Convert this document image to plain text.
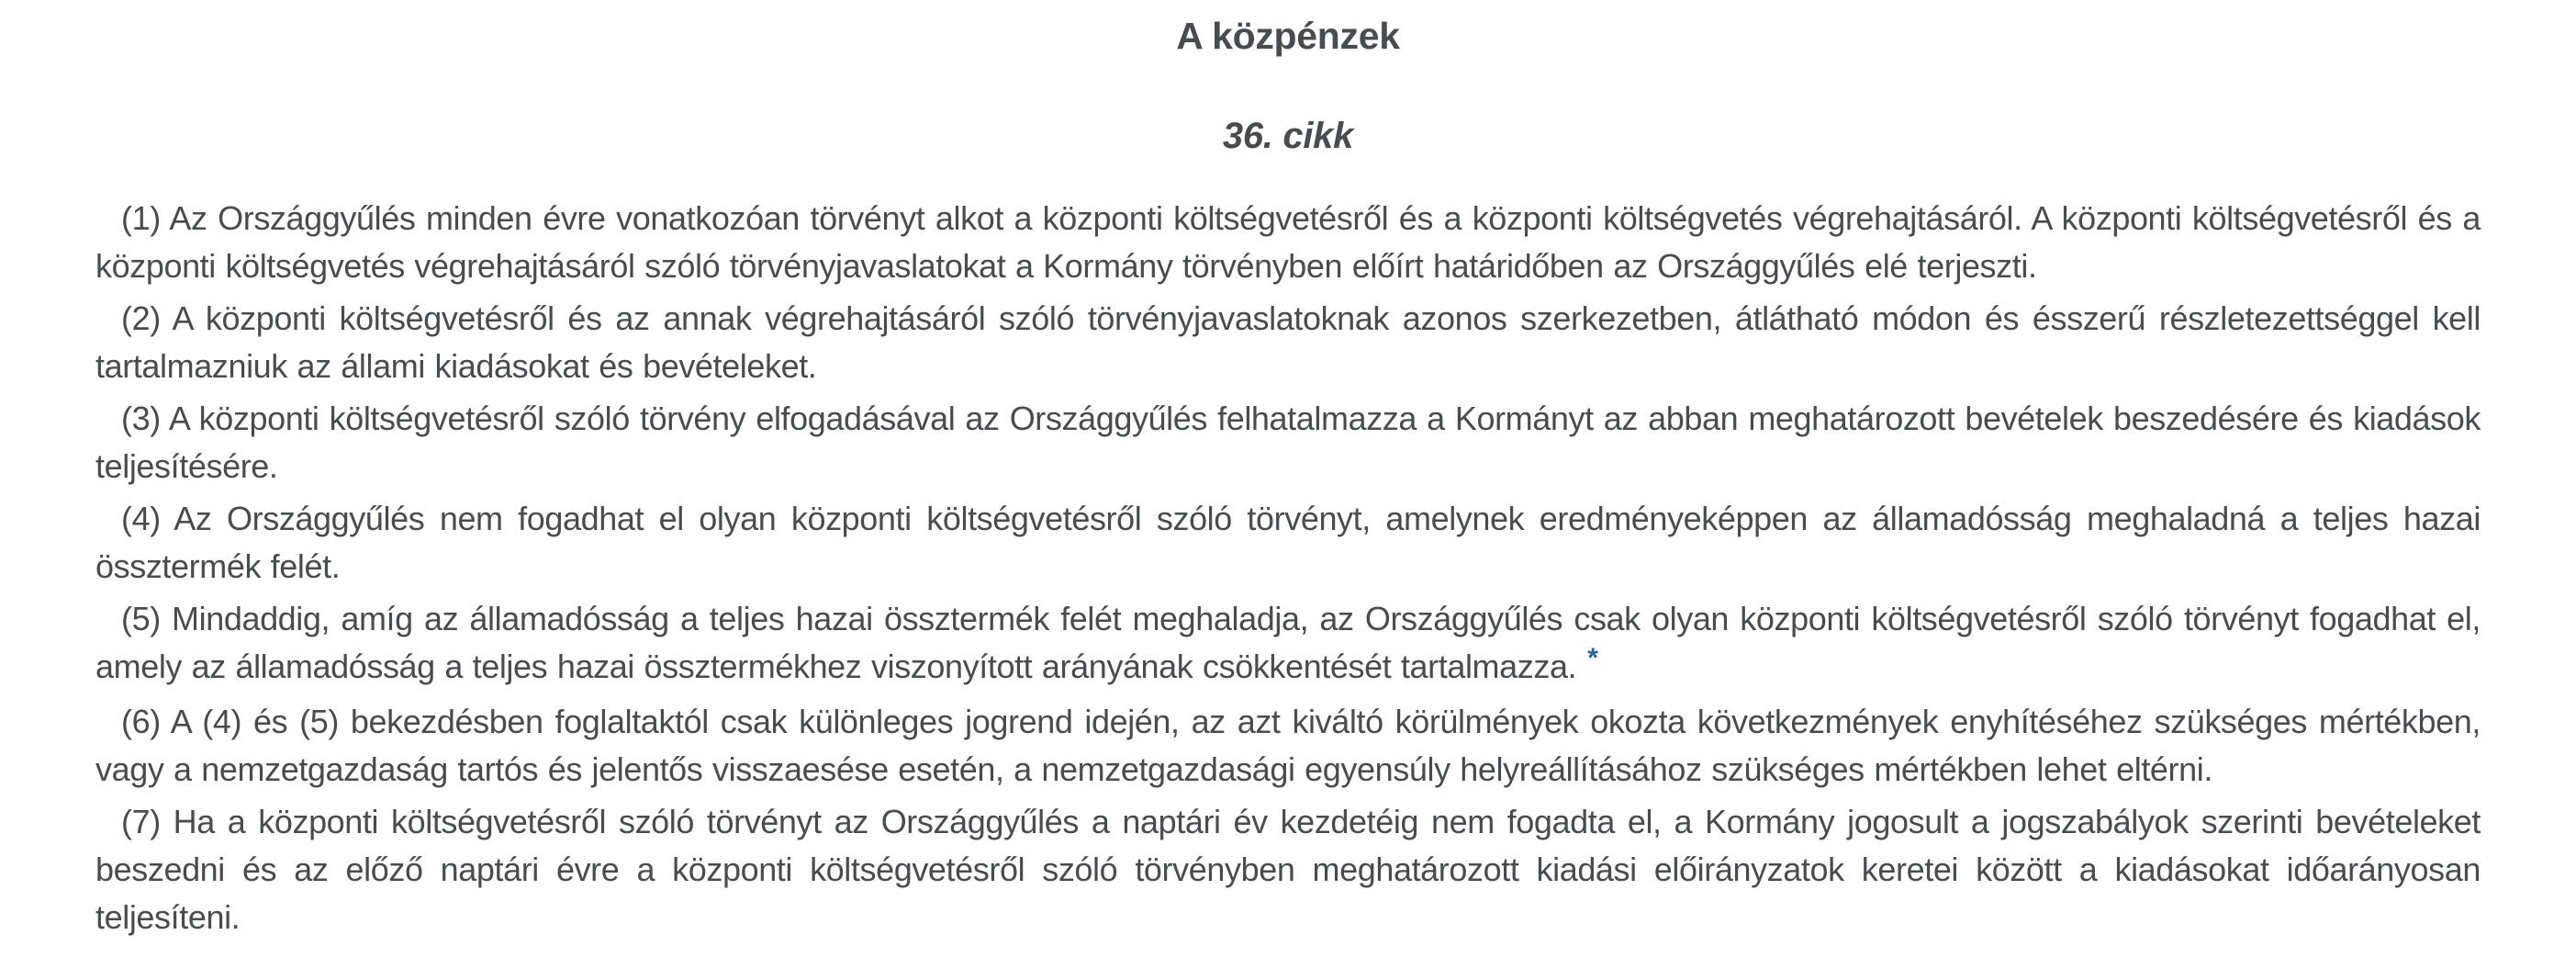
A közpénzek
36. cikk

(1) Az Országgyűlés minden évre vonatkozóan törvényt alkot a központi költségvetésről és a központi költségvetés végrehajtásáról. A központi költségvetésről és a központi költségvetés végrehajtásáról szóló törvényjavaslatokat a Kormány törvényben előírt határidőben az Országgyűlés elé terjeszti.

(2) A központi költségvetésről és az annak végrehajtásáról szóló törvényjavaslatoknak azonos szerkezetben, átlátható módon és ésszerű részletezettséggel kell tartalmazniuk az állami kiadásokat és bevételeket.

(3) A központi költségvetésről szóló törvény elfogadásával az Országgyűlés felhatalmazza a Kormányt az abban meghatározott bevételek beszedésére és kiadások teljesítésére.

(4) Az Országgyűlés nem fogadhat el olyan központi költségvetésről szóló törvényt, amelynek eredményeképpen az államadósság meghaladná a teljes hazai össztermék felét.

(5) Mindaddig, amíg az államadósság a teljes hazai össztermék felét meghaladja, az Országgyűlés csak olyan központi költségvetésről szóló törvényt fogadhat el, amely az államadósság a teljes hazai össztermékhez viszonyított arányának csökkentését tartalmazza. *

(6) A (4) és (5) bekezdésben foglaltaktól csak különleges jogrend idején, az azt kiváltó körülmények okozta következmények enyhítéséhez szükséges mértékben, vagy a nemzetgazdaság tartós és jelentős visszaesése esetén, a nemzetgazdasági egyensúly helyreállításához szükséges mértékben lehet eltérni.

(7) Ha a központi költségvetésről szóló törvényt az Országgyűlés a naptári év kezdetéig nem fogadta el, a Kormány jogosult a jogszabályok szerinti bevételeket beszedni és az előző naptári évre a központi költségvetésről szóló törvényben meghatározott kiadási előirányzatok keretei között a kiadásokat időarányosan teljesíteni.
